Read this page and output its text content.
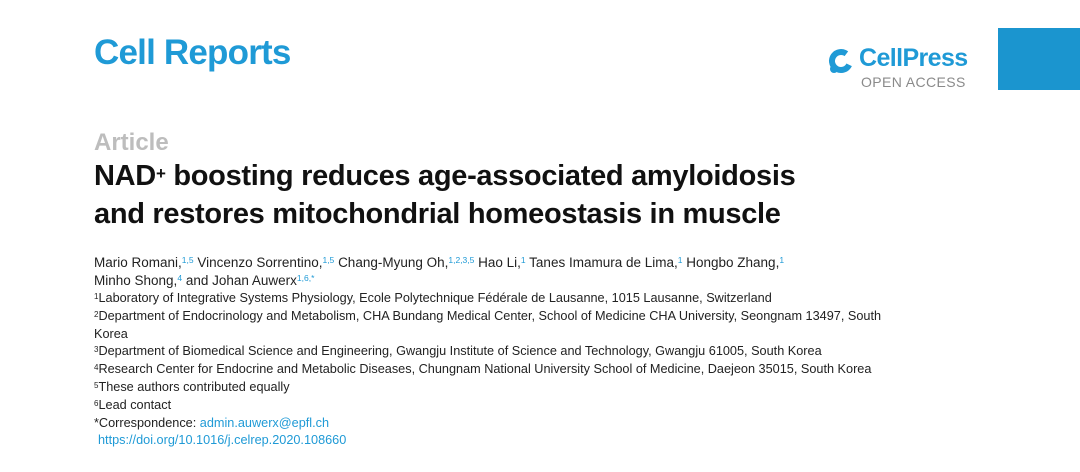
Cell Reports	CellPress
OPEN ACCESS
Article
NAD+ boosting reduces age-associated amyloidosis
and restores mitochondrial homeostasis in muscle
Mario Romani,$^{1,5}$ Vincenzo Sorrentino,$^{1,5}$ Chang-Myung Oh,$^{1,2,3,5}$ Hao Li,$^1$ Tanes Imamura de Lima,$^1$ Hongbo Zhang,$^1$
Minho Shong,$^4$ and Johan Auwerx$^{1,6,*}$
$^1$Laboratory of Integrative Systems Physiology, Ecole Polytechnique Fédérale de Lausanne, 1015 Lausanne, Switzerland
$^2$Department of Endocrinology and Metabolism, CHA Bundang Medical Center, School of Medicine CHA University, Seongnam 13497, South
Korea
$^3$Department of Biomedical Science and Engineering, Gwangju Institute of Science and Technology, Gwangju 61005, South Korea
$^4$Research Center for Endocrine and Metabolic Diseases, Chungnam National University School of Medicine, Daejeon 35015, South Korea
$^5$These authors contributed equally
$^6$Lead contact
*Correspondence: admin.auwerx@epfl.ch
https://doi.org/10.1016/j.celrep.2020.108660
